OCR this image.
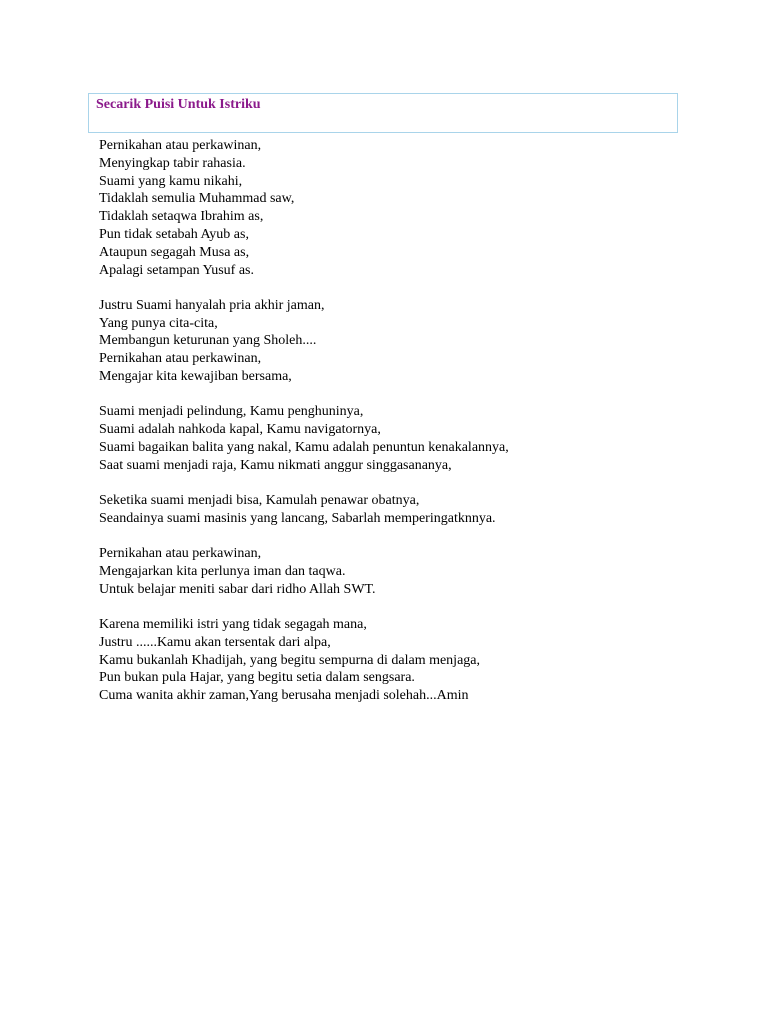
Secarik Puisi Untuk Istriku
Pernikahan atau perkawinan,
Menyingkap tabir rahasia.
Suami yang kamu nikahi,
Tidaklah semulia Muhammad saw,
Tidaklah setaqwa Ibrahim as,
Pun tidak setabah Ayub as,
Ataupun segagah Musa as,
Apalagi setampan Yusuf as.
Justru Suami hanyalah pria akhir jaman,
Yang punya cita-cita,
Membangun keturunan yang Sholeh....
Pernikahan atau perkawinan,
Mengajar kita kewajiban bersama,
Suami menjadi pelindung, Kamu penghuninya,
Suami adalah nahkoda kapal, Kamu navigatornya,
Suami bagaikan balita yang nakal, Kamu adalah penuntun kenakalannya,
Saat suami menjadi raja, Kamu nikmati anggur singgasananya,
Seketika suami menjadi bisa, Kamulah penawar obatnya,
Seandainya suami masinis yang lancang, Sabarlah memperingatknnya.
Pernikahan atau perkawinan,
Mengajarkan kita perlunya iman dan taqwa.
Untuk belajar meniti sabar dari ridho Allah SWT.
Karena memiliki istri yang tidak segagah mana,
Justru ......Kamu akan tersentak dari alpa,
Kamu bukanlah Khadijah, yang begitu sempurna di dalam menjaga,
Pun bukan pula Hajar, yang begitu setia dalam sengsara.
Cuma wanita akhir zaman,Yang berusaha menjadi solehah...Amin
